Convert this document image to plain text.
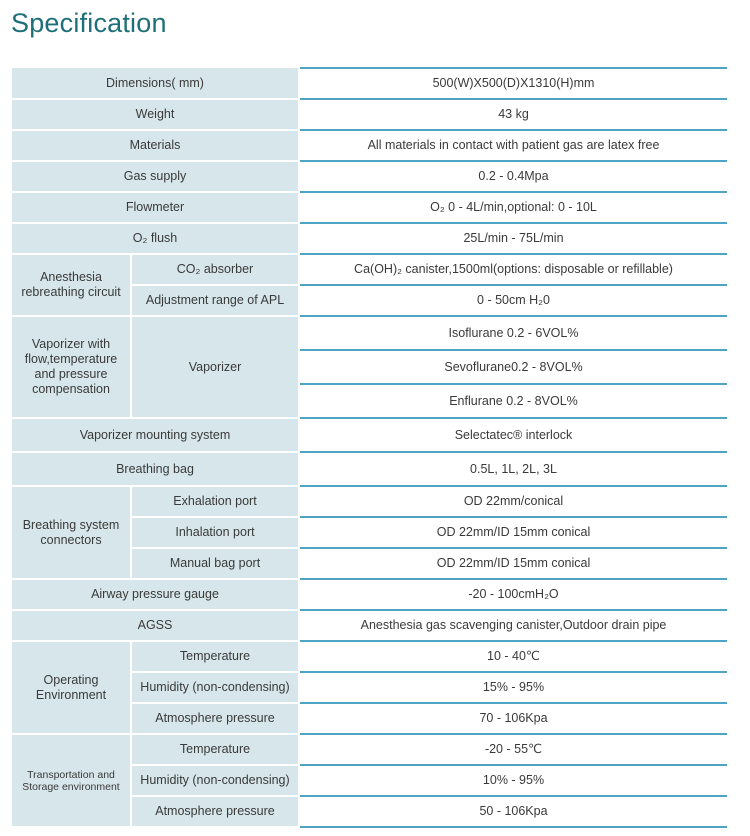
Specification
Dimensions( mm)		500(W)X500(D)X1310(H)mm
Weight		43 kg
Materials		All materials in contact with patient gas are latex free
Gas supply		0.2 - 0.4Mpa
Flowmeter		O₂ 0 - 4L/min,optional: 0 - 10L
O₂ flush		25L/min - 75L/min
Anesthesia rebreathing circuit	CO₂ absorber	Ca(OH)₂ canister,1500ml(options: disposable or refillable)
	Adjustment range of APL	0 - 50cm H₂0
Vaporizer with flow,temperature and pressure compensation	Vaporizer	Isoflurane 0.2 - 6VOL%
		Sevoflurane0.2 - 8VOL%
		Enflurane 0.2 - 8VOL%
Vaporizer mounting system		Selectatec® interlock
Breathing bag		0.5L, 1L, 2L, 3L
Breathing system connectors	Exhalation port	OD 22mm/conical
	Inhalation port	OD 22mm/ID 15mm conical
	Manual bag port	OD 22mm/ID 15mm conical
Airway pressure gauge		-20 - 100cmH₂O
AGSS		Anesthesia gas scavenging canister,Outdoor drain pipe
Operating Environment	Temperature	10 - 40℃
	Humidity (non-condensing)	15% - 95%
	Atmosphere pressure	70 - 106Kpa
Transportation and Storage environment	Temperature	-20 - 55℃
	Humidity (non-condensing)	10% - 95%
	Atmosphere pressure	50 - 106Kpa
